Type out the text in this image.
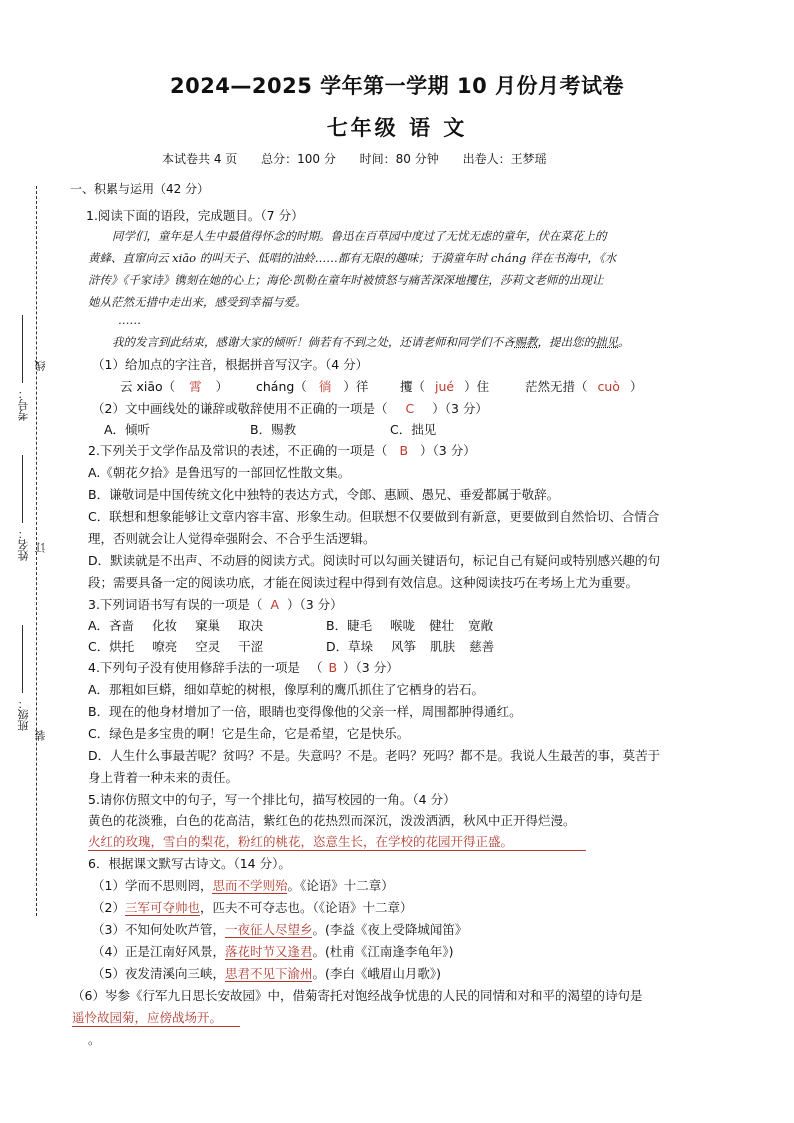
2024—2025 学年第一学期 10 月份月考试卷
七年级 语 文
本试卷共 4 页 总分：100 分 时间：80 分钟 出卷人：王梦瑶
线
订
装
考号：
姓名：
班级：
一、积累与运用（42 分）
1.阅读下面的语段，完成题目。（7 分）
同学们，童年是人生中最值得怀念的时期。鲁迅在百草园中度过了无忧无虑的童年，伏在菜花上的
黄蜂、直窜向云 xiāo 的叫天子、低唱的油蛉……都有无限的趣味；于漪童年时 cháng 徉在书海中，《水
浒传》《千家诗》镌刻在她的心上；海伦·凯勒在童年时被愤怒与痛苦深深地攫住，莎莉文老师的出现让
她从茫然无措中走出来，感受到幸福与爱。
……
我的发言到此结束，感谢大家的倾听！倘若有不到之处，还请老师和同学们不吝赐教，提出您的拙见。
（1）给加点的字注音，根据拼音写汉字。（4 分）
云 xiāo（ 霄 ） cháng（ 徜 ）徉	攫（ jué ）住	茫然无措（ cuò ）
（2）文中画线处的谦辞或敬辞使用不正确的一项是（ C ）（3 分）
A．倾听	B．赐教	C．拙见
2.下列关于文学作品及常识的表述，不正确的一项是（ B ）（3 分）
A.《朝花夕拾》是鲁迅写的一部回忆性散文集。
B．谦敬词是中国传统文化中独特的表达方式，令郎、惠顾、愚兄、垂爱都属于敬辞。
C．联想和想象能够让文章内容丰富、形象生动。但联想不仅要做到有新意，更要做到自然恰切、合情合
理，否则就会让人觉得牵强附会、不合乎生活逻辑。
D．默读就是不出声、不动唇的阅读方式。阅读时可以勾画关键语句，标记自己有疑问或特别感兴趣的句
段；需要具备一定的阅读功底，才能在阅读过程中得到有效信息。这种阅读技巧在考场上尤为重要。
3.下列词语书写有误的一项是（ A ）（3 分）
A．吝啬 化妆 窠巢 取决	B．睫毛 喉咙 健壮 宽敞
C．烘托 嘹亮 空灵 干涩	D．草垛 风筝 肌肤 慈善
4.下列句子没有使用修辞手法的一项是 （ B ）（3 分）
A．那粗如巨蟒，细如草蛇的树根，像厚利的鹰爪抓住了它栖身的岩石。
B．现在的他身材增加了一倍，眼睛也变得像他的父亲一样，周围都肿得通红。
C．绿色是多宝贵的啊！它是生命，它是希望，它是快乐。
D．人生什么事最苦呢？贫吗？不是。失意吗？不是。老吗？死吗？都不是。我说人生最苦的事，莫苦于
身上背着一种未来的责任。
5.请你仿照文中的句子，写一个排比句，描写校园的一角。（4 分）
黄色的花淡雅，白色的花高洁，紫红色的花热烈而深沉，泼泼洒洒，秋风中正开得烂漫。
火红的玫瑰，雪白的梨花，粉红的桃花，恣意生长，在学校的花园开得正盛。
6．根据课文默写古诗文。（14 分）。
（1）学而不思则罔，思而不学则殆。《论语》十二章）
（2）三军可夺帅也，匹夫不可夺志也。（《论语》十二章）
（3）不知何处吹芦管，一夜征人尽望乡。(李益《夜上受降城闻笛》
（4）正是江南好风景，落花时节又逢君。(杜甫《江南逢李龟年》)
（5）夜发清溪向三峡，思君不见下渝州。(李白《峨眉山月歌》)
（6）岑参《行军九日思长安故园》中，借菊寄托对饱经战争忧患的人民的同情和对和平的渴望的诗句是
遥怜故园菊，应傍战场开。
。
